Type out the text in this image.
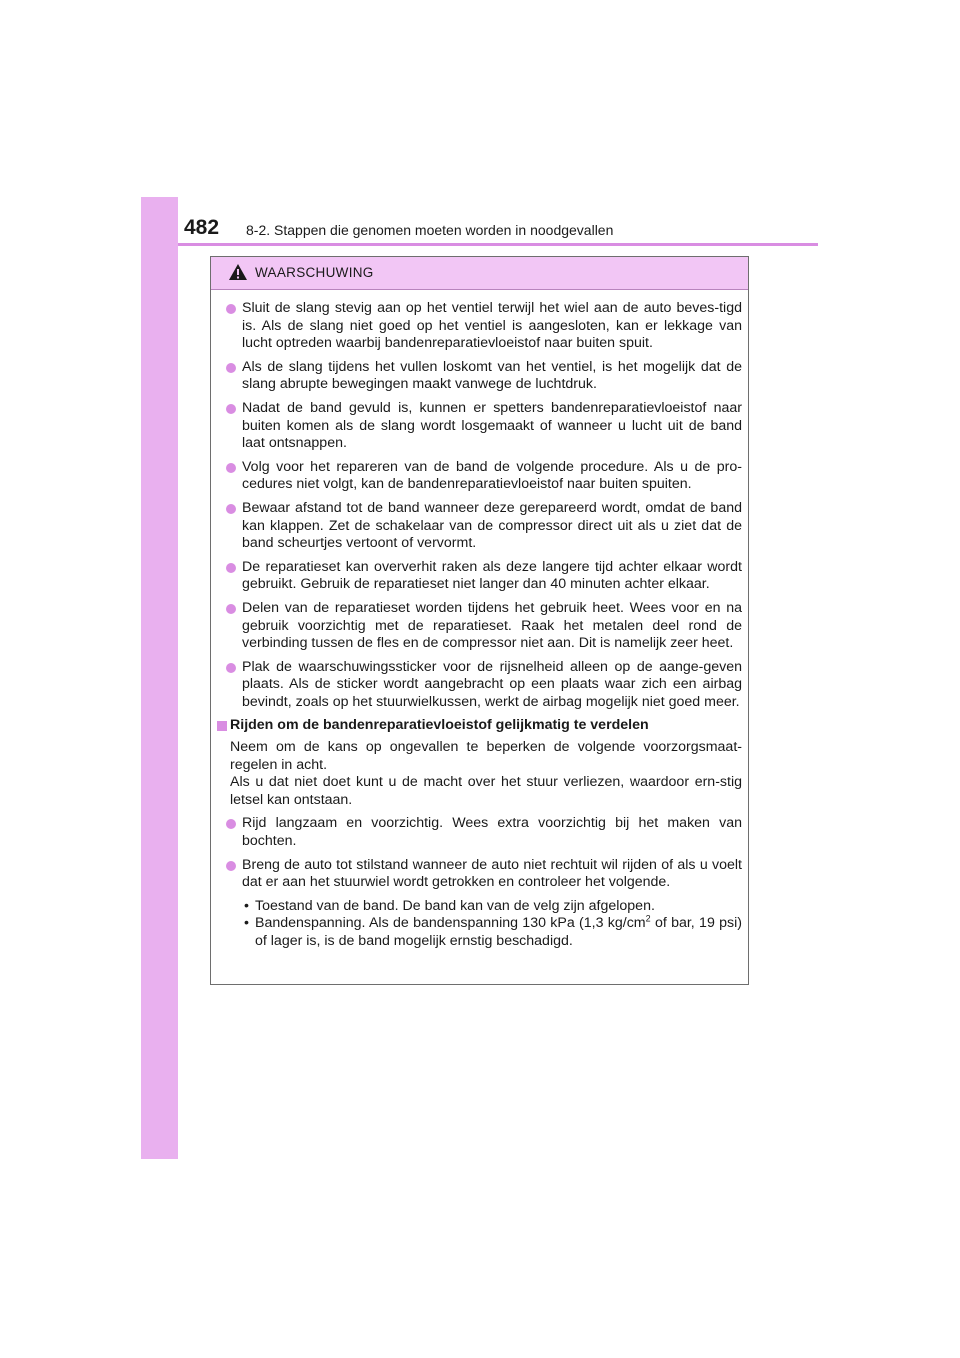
482 8-2. Stappen die genomen moeten worden in noodgevallen
WAARSCHUWING
Sluit de slang stevig aan op het ventiel terwijl het wiel aan de auto beves-tigd is. Als de slang niet goed op het ventiel is aangesloten, kan er lekkage van lucht optreden waarbij bandenreparatievloeistof naar buiten spuit.
Als de slang tijdens het vullen loskomt van het ventiel, is het mogelijk dat de slang abrupte bewegingen maakt vanwege de luchtdruk.
Nadat de band gevuld is, kunnen er spetters bandenreparatievloeistof naar buiten komen als de slang wordt losgemaakt of wanneer u lucht uit de band laat ontsnappen.
Volg voor het repareren van de band de volgende procedure. Als u de pro-cedures niet volgt, kan de bandenreparatievloeistof naar buiten spuiten.
Bewaar afstand tot de band wanneer deze gerepareerd wordt, omdat de band kan klappen. Zet de schakelaar van de compressor direct uit als u ziet dat de band scheurtjes vertoont of vervormt.
De reparatieset kan oververhit raken als deze langere tijd achter elkaar wordt gebruikt. Gebruik de reparatieset niet langer dan 40 minuten achter elkaar.
Delen van de reparatieset worden tijdens het gebruik heet. Wees voor en na gebruik voorzichtig met de reparatieset. Raak het metalen deel rond de verbinding tussen de fles en de compressor niet aan. Dit is namelijk zeer heet.
Plak de waarschuwingssticker voor de rijsnelheid alleen op de aange-geven plaats. Als de sticker wordt aangebracht op een plaats waar zich een airbag bevindt, zoals op het stuurwielkussen, werkt de airbag mogelijk niet goed meer.
Rijden om de bandenreparatievloeistof gelijkmatig te verdelen
Neem om de kans op ongevallen te beperken de volgende voorzorgsmaat-regelen in acht.
Als u dat niet doet kunt u de macht over het stuur verliezen, waardoor ern-stig letsel kan ontstaan.
Rijd langzaam en voorzichtig. Wees extra voorzichtig bij het maken van bochten.
Breng de auto tot stilstand wanneer de auto niet rechtuit wil rijden of als u voelt dat er aan het stuurwiel wordt getrokken en controleer het volgende.
• Toestand van de band. De band kan van de velg zijn afgelopen.
• Bandenspanning. Als de bandenspanning 130 kPa (1,3 $kg/cm^2$ of bar, 19 psi) of lager is, is de band mogelijk ernstig beschadigd.
